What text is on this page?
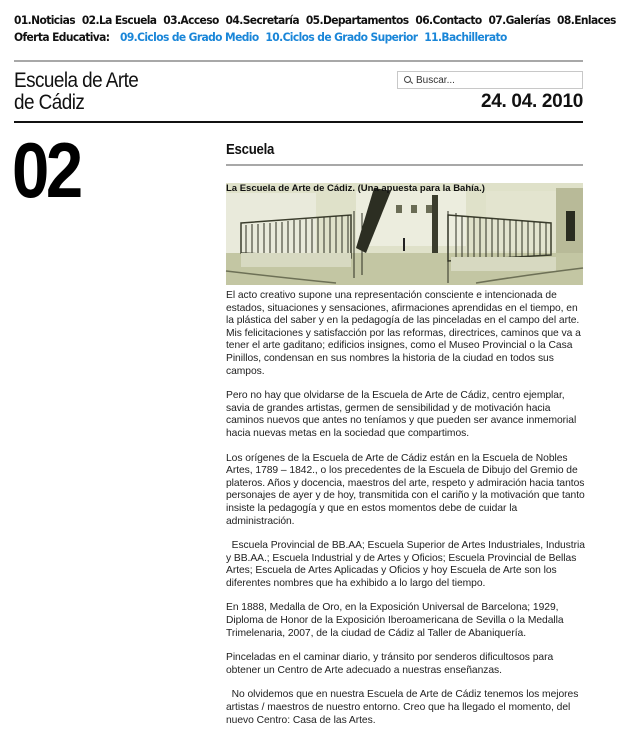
01.Noticias 02.La Escuela 03.Acceso 04.Secretaría 05.Departamentos 06.Contacto 07.Galerías 08.Enlaces
Oferta Educativa: 09.Ciclos de Grado Medio 10.Ciclos de Grado Superior 11.Bachillerato
Escuela de Arte
de Cádiz
Buscar...	24. 04. 2010
02	Escuela
La Escuela de Arte de Cádiz. (Una apuesta para la Bahía.)

El acto creativo supone una representación consciente e intencionada de estados, situaciones y sensaciones, afirmaciones aprendidas en el tiempo, en la plástica del saber y en la pedagogía de las pinceladas en el campo del arte. Mis felicitaciones y satisfacción por las reformas, directrices, caminos que va a tener el arte gaditano; edificios insignes, como el Museo Provincial o la Casa Pinillos, condensan en sus nombres la historia de la ciudad en todos sus campos.

Pero no hay que olvidarse de la Escuela de Arte de Cádiz, centro ejemplar, savia de grandes artistas, germen de sensibilidad y de motivación hacia caminos nuevos que antes no teníamos y que pueden ser avance inmemorial hacia nuevas metas en la sociedad que compartimos.

Los orígenes de la Escuela de Arte de Cádiz están en la Escuela de Nobles Artes, 1789 – 1842., o los precedentes de la Escuela de Dibujo del Gremio de plateros. Años y docencia, maestros del arte, respeto y admiración hacia tantos personajes de ayer y de hoy, transmitida con el cariño y la motivación que tanto insiste la pedagogía y que en estos momentos debe de cuidar la administración.

Escuela Provincial de BB.AA; Escuela Superior de Artes Industriales, Industria y BB.AA.; Escuela Industrial y de Artes y Oficios; Escuela Provincial de Bellas Artes; Escuela de Artes Aplicadas y Oficios y hoy Escuela de Arte son los diferentes nombres que ha exhibido a lo largo del tiempo.

En 1888, Medalla de Oro, en la Exposición Universal de Barcelona; 1929, Diploma de Honor de la Exposición Iberoamericana de Sevilla o la Medalla Trimelenaria, 2007, de la ciudad de Cádiz al Taller de Abaniquería.

Pinceladas en el caminar diario, y tránsito por senderos dificultosos para obtener un Centro de Arte adecuado a nuestras enseñanzas.

No olvidemos que en nuestra Escuela de Arte de Cádiz tenemos los mejores artistas / maestros de nuestro entorno. Creo que ha llegado el momento, del nuevo Centro: Casa de las Artes.
